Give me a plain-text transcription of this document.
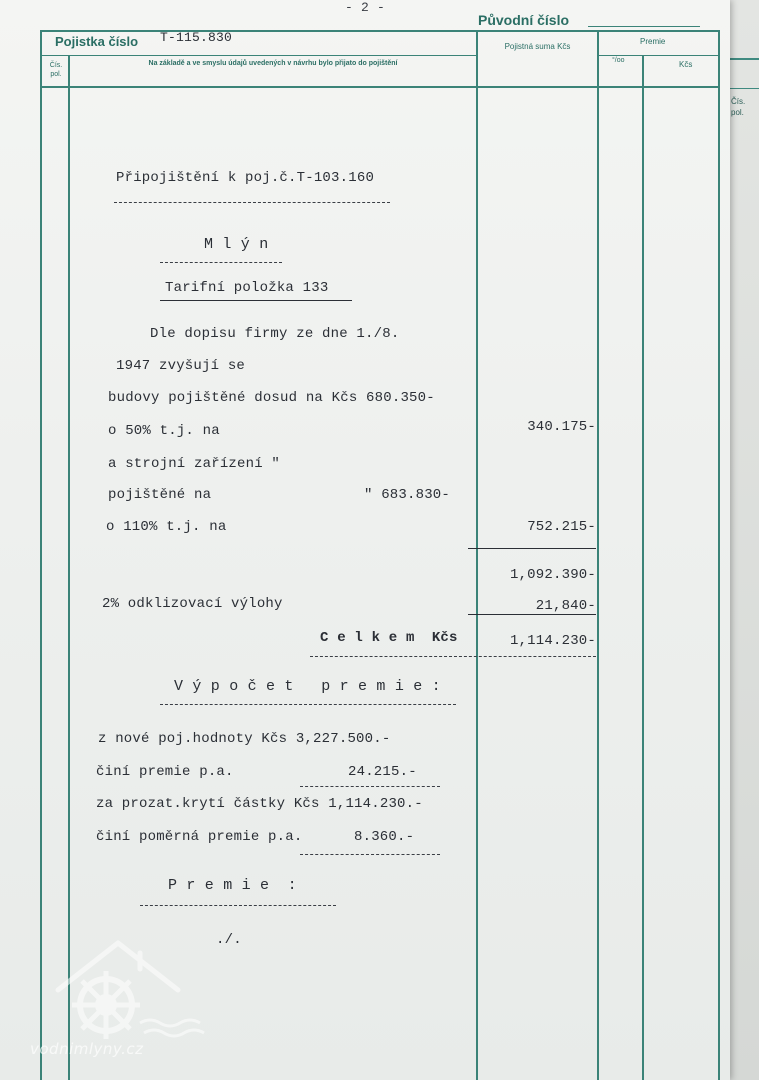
Čís. pol.
- 2 -
Původní číslo
Pojistka číslo T-115.830
Čís. pol.
Na základě a ve smyslu údajů uvedených v návrhu bylo přijato do pojištění
Pojistná suma Kčs
Premie
°/oo	Kčs
Připojištění k poj.č.T-103.160
M l ý n
Tarifní položka 133
Dle dopisu firmy ze dne 1./8.
1947 zvyšují se
budovy pojištěné dosud na Kčs 680.350-
o 50% t.j. na	340.175-
a strojní zařízení "
pojištěné na	" 683.830-
o 110% t.j. na	752.215-
1,092.390-
2% odklizovací výlohy	21,840-
C e l k e m  Kčs	1,114.230-
V ý p o č e t   p r e m i e :
z nové poj.hodnoty Kčs 3,227.500.-
činí premie p.a.	24.215.-
za prozat.krytí částky Kčs 1,114.230.-
činí poměrná premie p.a.	8.360.-
P r e m i e  :
./.
vodnimlyny.cz
